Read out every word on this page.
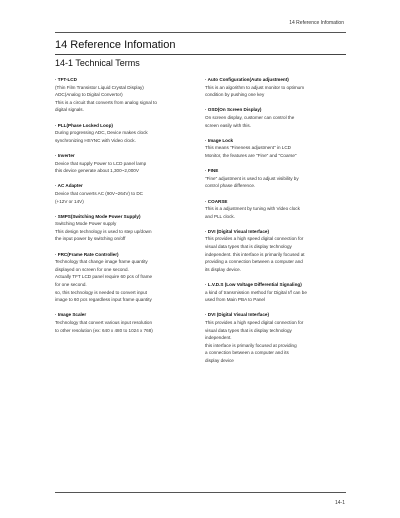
14 Reference Infomation
14 Reference Infomation
14-1 Technical Terms
· TFT-LCD
(Thin Film Transistor Liquid Crystal Display)
ADC(Analog to Digital Convertor)
This is a circuit that converts from analog signal to
digital signals.
· PLL(Phase Locked Loop)
During progressing ADC, Device makes clock
synchronizing HSYNC with Video clock.
· Inverter
Device that supply Power to LCD panel lamp
this device generate about 1,300~2,000V
· AC Adapter
Device that converts AC (90V~264V) to DC
(+12V or 14V)
· SMPS(Switching Mode Power Supply)
Switching Mode Power supply
This design technology is used to step up/down
the input power by switching on/off
· FRC(Frame Rate Controller)
Technology that change image frame quantity
displayed on screen for one second.
Actually TFT LCD panel require 60 pcs of frame
for one second.
so, this technology is needed to convert input
image to 60 pcs regardless input frame quantity
· Image Scaler
Technology that convert various input resolution
to other resolution (ex: 640 x 480 to 1024 x 768)
· Auto Configuration(Auto adjustment)
This is an algorithm to adjust monitor to optimum
condition by pushing one key
· OSD(On Screen Display)
On screen display, customer can control the
screen easily with this.
· Image Lock
This means "Fineness adjustment" in LCD
Monitor, the features are "Fine" and "Coarse"
· FINE
"Fine" adjustment is used to adjust visibility by
control phase difference.
· COARSE
This is a adjustment by tuning with Video clock
and PLL clock.
· DVI (Digital Visual Interface)
This provides a high speed digital connection for
visual data types that is display technology
independent. this interface is primarily focused at
providing a connection between a computer and
its display device.
· L.V.D.S (Low Voltage Differential Signaling)
a kind of transmission method for Digital I/f can be
used from Main PBA to Panel
· DVI (Digital Visual Interface)
This provides a high speed digital connection for
visual data types that is display technology
independent.
this interface is primarily focused at providing
a connection between a computer and its
display device
14-1
